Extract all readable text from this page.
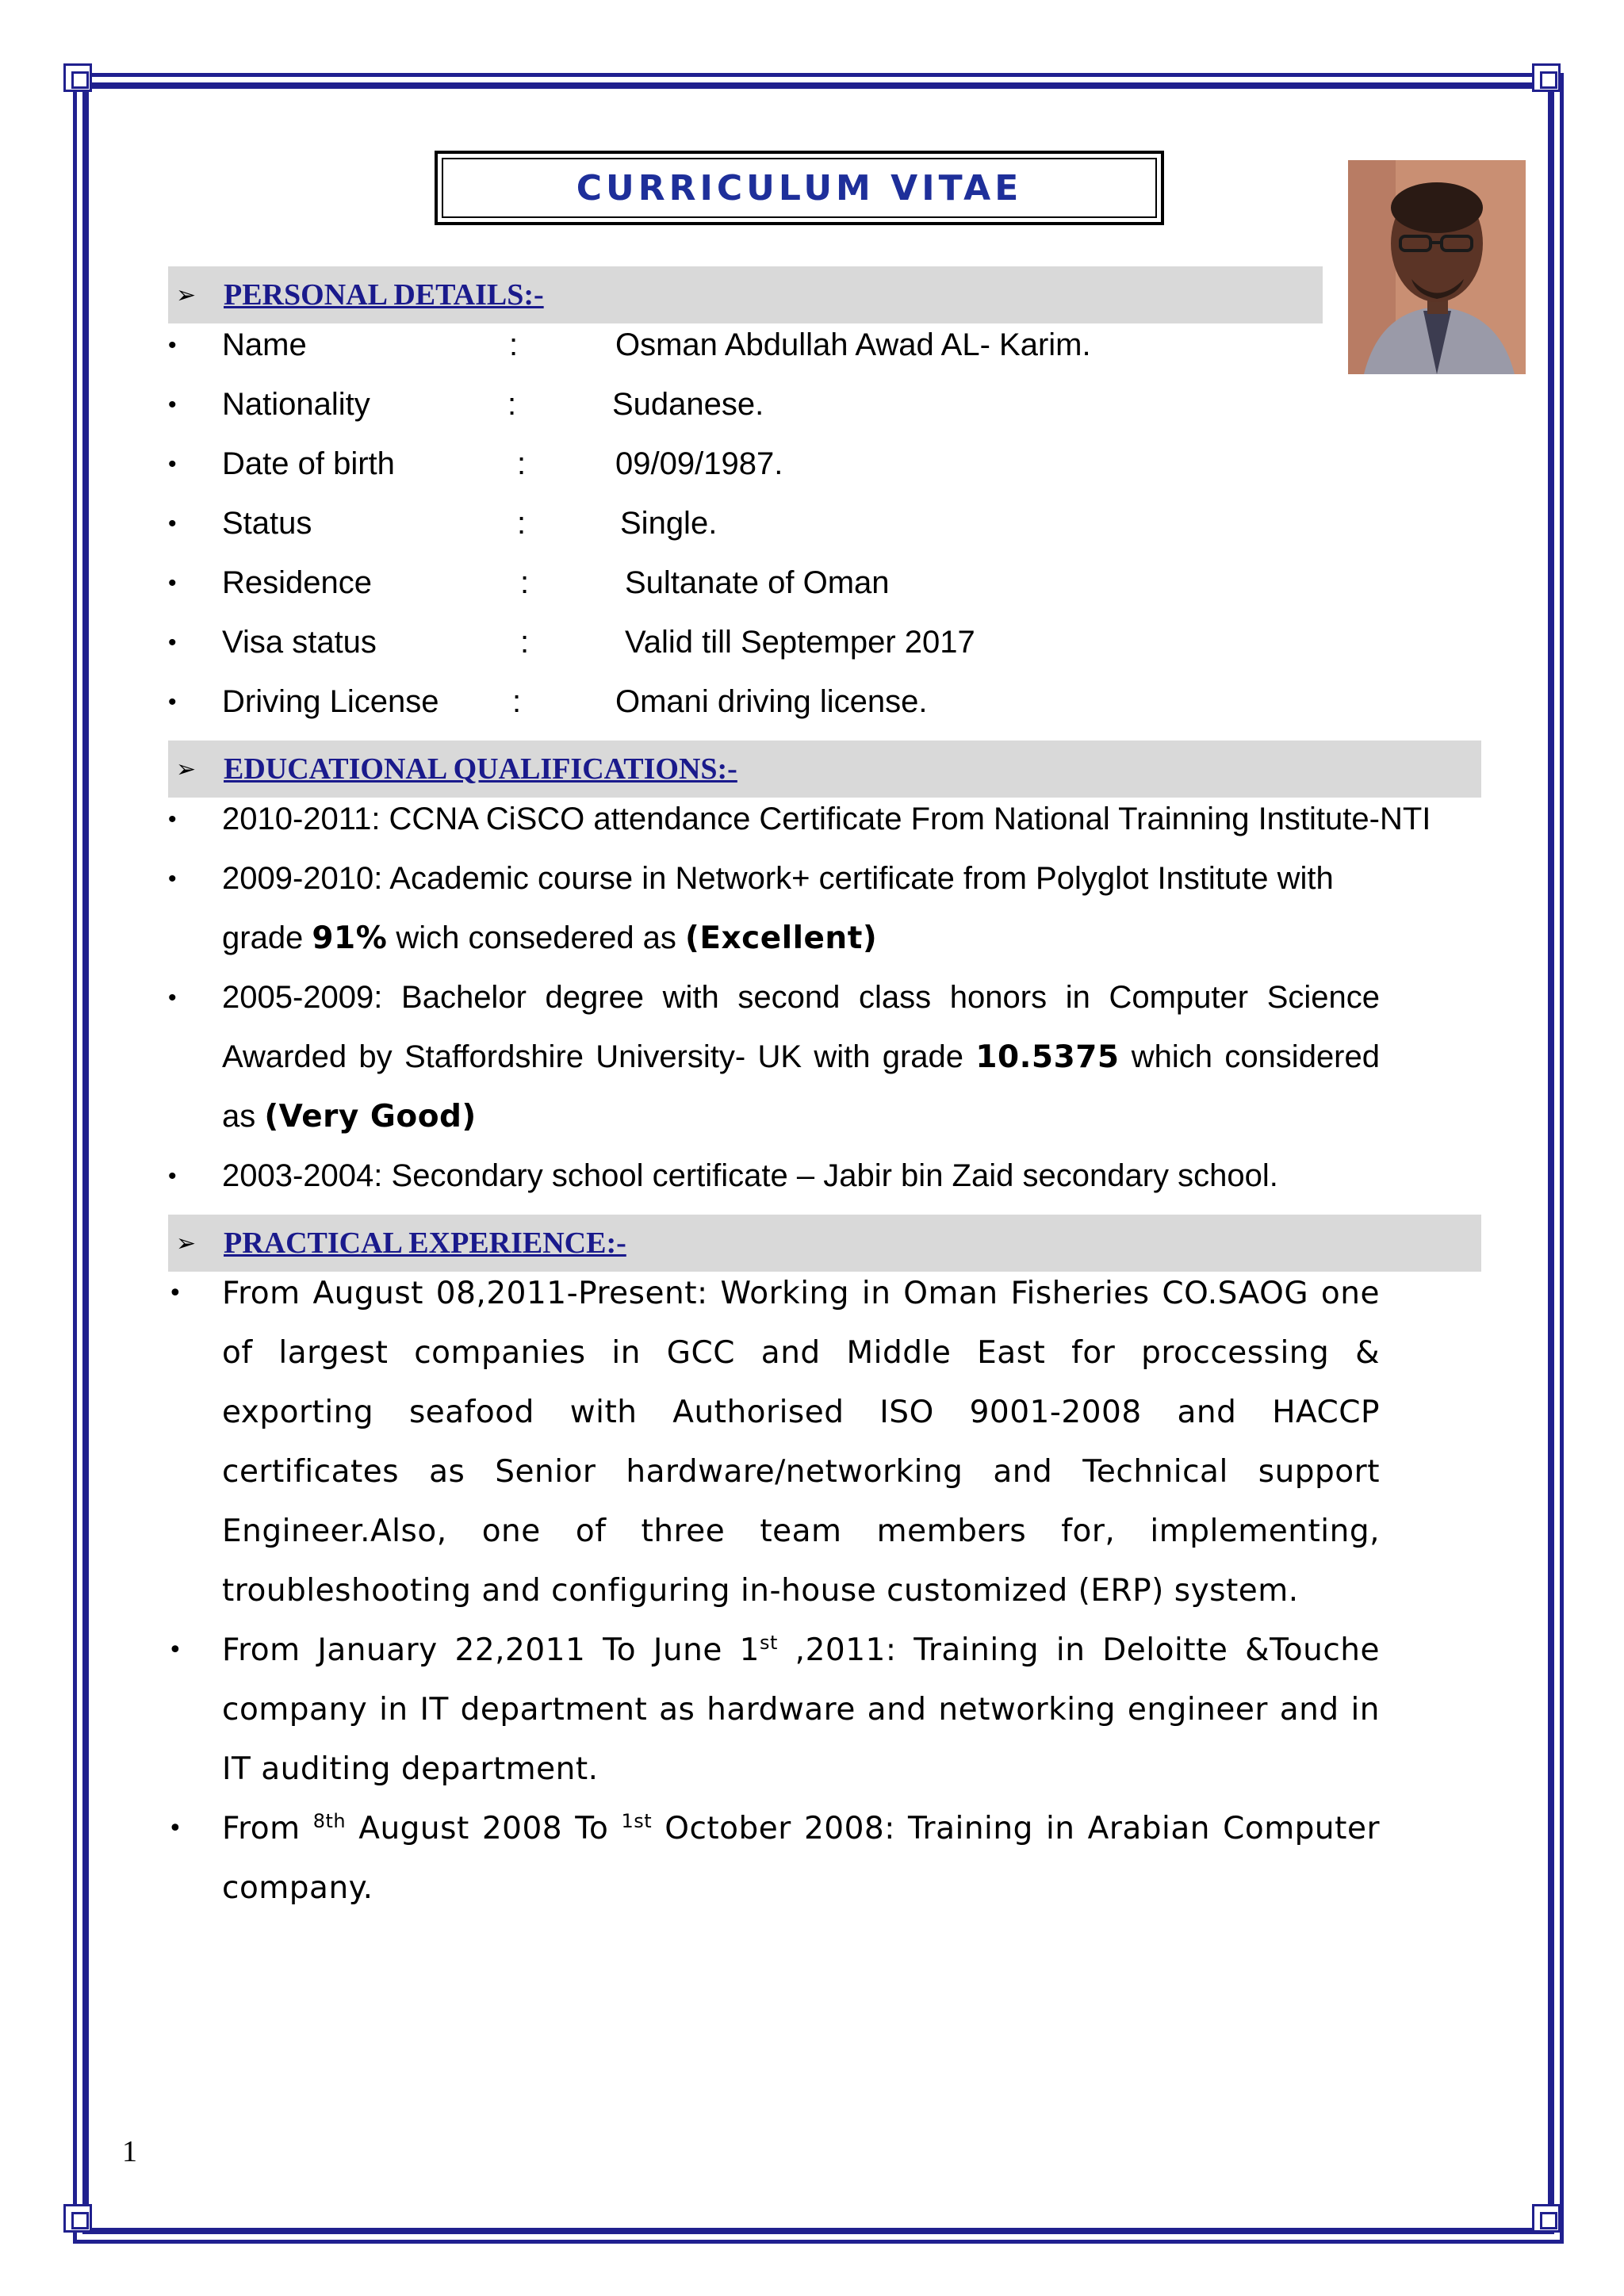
CURRICULUM VITAE
➢ PERSONAL DETAILS:-
•	Name	:	Osman Abdullah Awad AL- Karim.
•	Nationality	:	Sudanese.
•	Date of birth	:	09/09/1987.
•	Status	:	Single.
•	Residence	:	Sultanate of Oman
•	Visa status	:	Valid till Septemper 2017
•	Driving License :	Omani driving license.
➢ EDUCATIONAL QUALIFICATIONS:-
• 2010-2011: CCNA CiSCO attendance Certificate From National Trainning Institute-NTI
• 2009-2010: Academic course in Network+ certificate from Polyglot Institute with grade 91% wich consedered as (Excellent)
• 2005-2009: Bachelor degree with second class honors in Computer Science Awarded by Staffordshire University- UK with grade 10.5375 which considered as (Very Good)
• 2003-2004: Secondary school certificate – Jabir bin Zaid secondary school.
➢ PRACTICAL EXPERIENCE:-
• From August 08,2011-Present: Working in Oman Fisheries CO.SAOG one of largest companies in GCC and Middle East for proccessing & exporting seafood with Authorised ISO 9001-2008 and HACCP certificates as Senior hardware/networking and Technical support Engineer.Also, one of three team members for, implementing, troubleshooting and configuring in-house customized (ERP) system.
• From January 22,2011 To June 1st ,2011: Training in Deloitte &Touche company in IT department as hardware and networking engineer and in IT auditing department.
• From $^{8th}$ August 2008 To $^{1st}$ October 2008: Training in Arabian Computer company.
1
